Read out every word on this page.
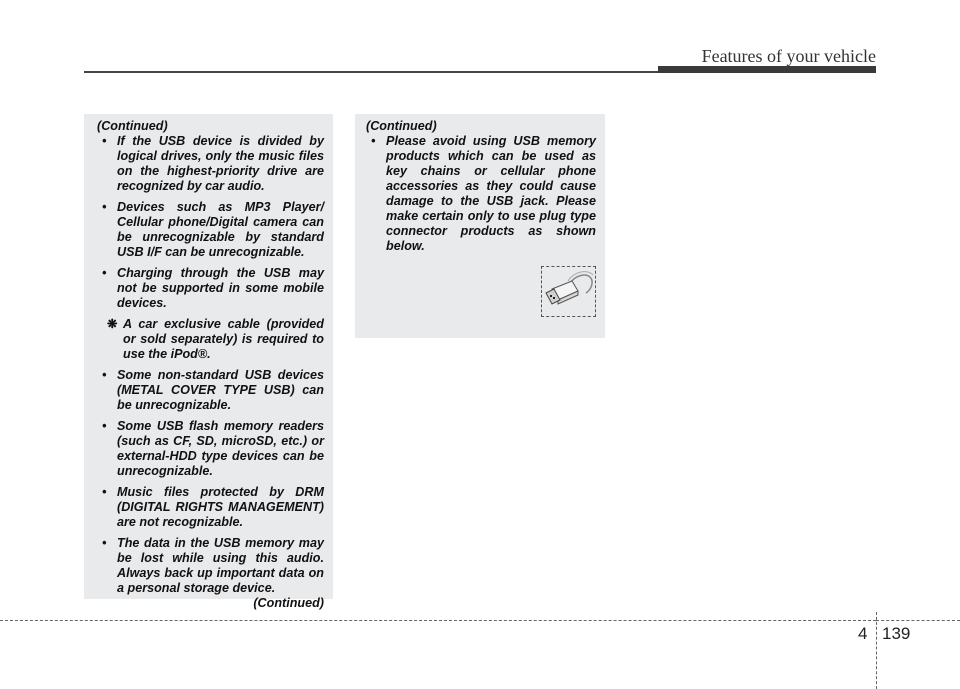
Features of your vehicle
(Continued)
• If the USB device is divided by logical drives, only the music files on the highest-priority drive are recognized by car audio.
• Devices such as MP3 Player/ Cellular phone/Digital camera can be unrecognizable by standard USB I/F can be unrecognizable.
• Charging through the USB may not be supported in some mobile devices.
❋ A car exclusive cable (provided or sold separately) is required to use the iPod®.
• Some non-standard USB devices (METAL COVER TYPE USB) can be unrecognizable.
• Some USB flash memory readers (such as CF, SD, microSD, etc.) or external-HDD type devices can be unrecognizable.
• Music files protected by DRM (DIGITAL RIGHTS MANAGEMENT) are not recognizable.
• The data in the USB memory may be lost while using this audio. Always back up important data on a personal storage device.
(Continued)
(Continued)
• Please avoid using USB memory products which can be used as key chains or cellular phone accessories as they could cause damage to the USB jack. Please make certain only to use plug type connector products as shown below.
4 139
